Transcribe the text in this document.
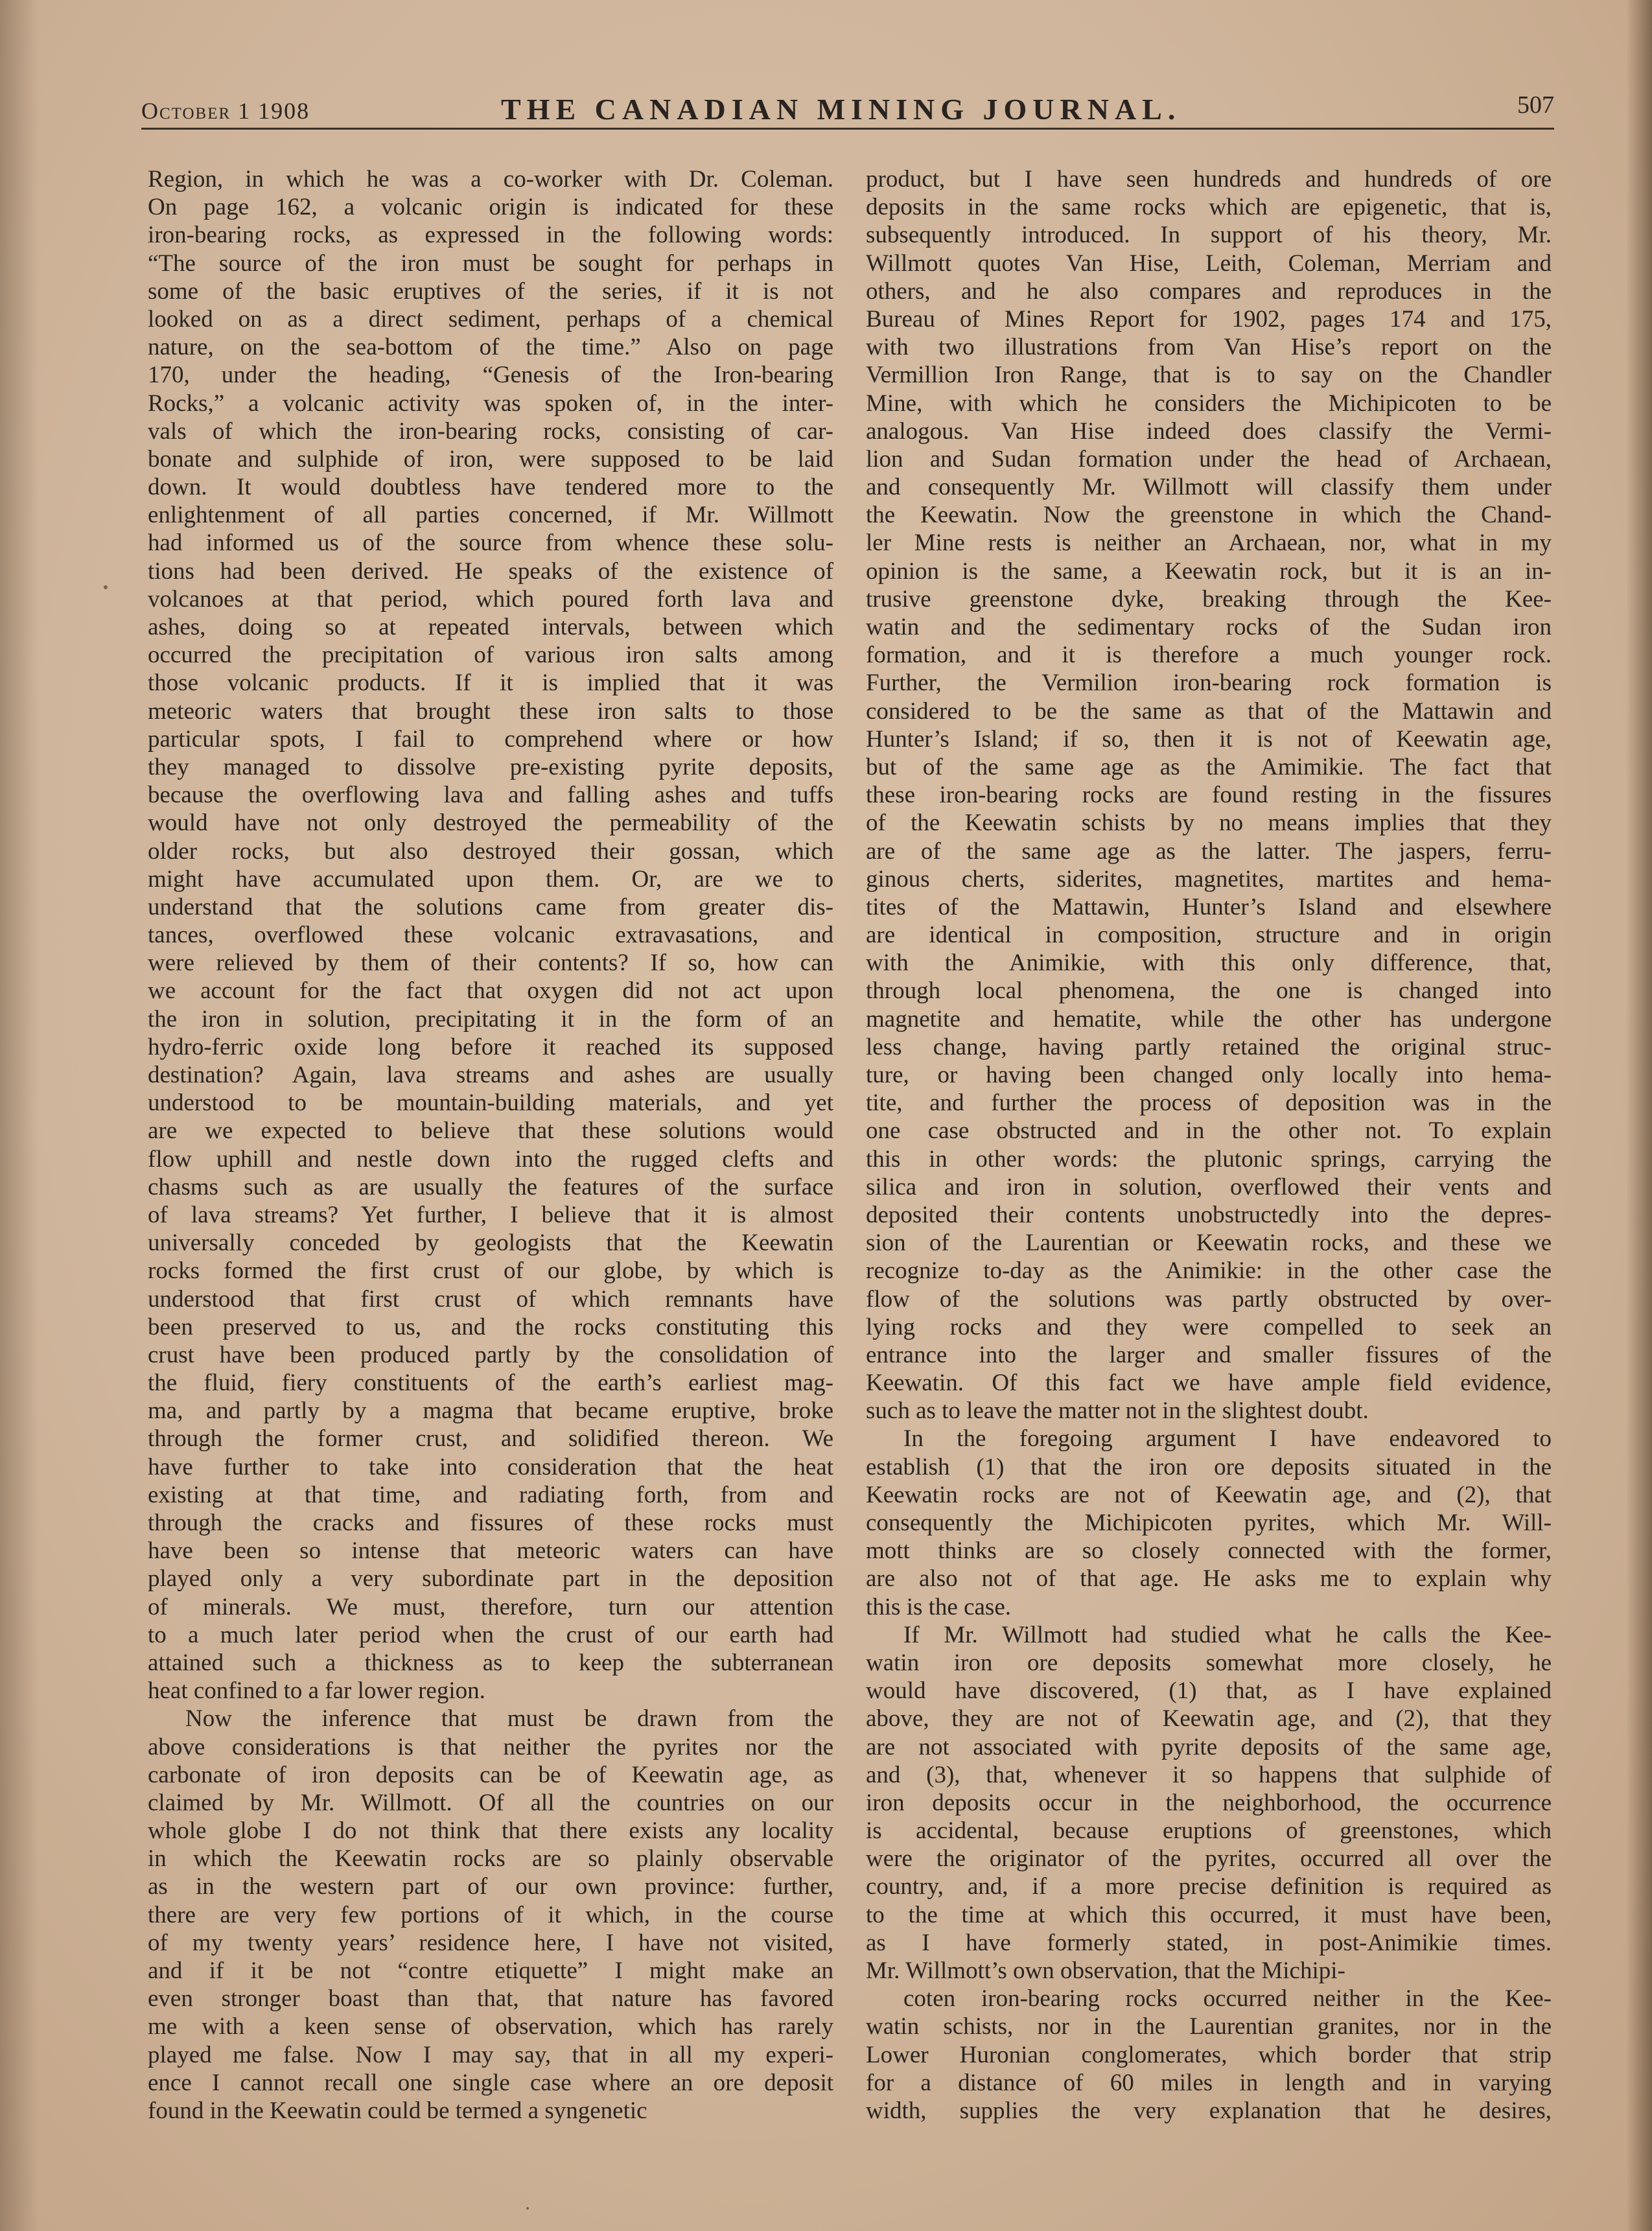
October 1 1908	THE CANADIAN MINING JOURNAL.	507
Region, in which he was a co-worker with Dr. Coleman.
On page 162, a volcanic origin is indicated for these
iron-bearing rocks, as expressed in the following words:
“The source of the iron must be sought for perhaps in
some of the basic eruptives of the series, if it is not
looked on as a direct sediment, perhaps of a chemical
nature, on the sea-bottom of the time.” Also on page
170, under the heading, “Genesis of the Iron-bearing
Rocks,” a volcanic activity was spoken of, in the inter-
vals of which the iron-bearing rocks, consisting of car-
bonate and sulphide of iron, were supposed to be laid
down. It would doubtless have tendered more to the
enlightenment of all parties concerned, if Mr. Willmott
had informed us of the source from whence these solu-
tions had been derived. He speaks of the existence of
volcanoes at that period, which poured forth lava and
ashes, doing so at repeated intervals, between which
occurred the precipitation of various iron salts among
those volcanic products. If it is implied that it was
meteoric waters that brought these iron salts to those
particular spots, I fail to comprehend where or how
they managed to dissolve pre-existing pyrite deposits,
because the overflowing lava and falling ashes and tuffs
would have not only destroyed the permeability of the
older rocks, but also destroyed their gossan, which
might have accumulated upon them. Or, are we to
understand that the solutions came from greater dis-
tances, overflowed these volcanic extravasations, and
were relieved by them of their contents? If so, how can
we account for the fact that oxygen did not act upon
the iron in solution, precipitating it in the form of an
hydro-ferric oxide long before it reached its supposed
destination? Again, lava streams and ashes are usually
understood to be mountain-building materials, and yet
are we expected to believe that these solutions would
flow uphill and nestle down into the rugged clefts and
chasms such as are usually the features of the surface
of lava streams? Yet further, I believe that it is almost
universally conceded by geologists that the Keewatin
rocks formed the first crust of our globe, by which is
understood that first crust of which remnants have
been preserved to us, and the rocks constituting this
crust have been produced partly by the consolidation of
the fluid, fiery constituents of the earth’s earliest mag-
ma, and partly by a magma that became eruptive, broke
through the former crust, and solidified thereon. We
have further to take into consideration that the heat
existing at that time, and radiating forth, from and
through the cracks and fissures of these rocks must
have been so intense that meteoric waters can have
played only a very subordinate part in the deposition
of minerals. We must, therefore, turn our attention
to a much later period when the crust of our earth had
attained such a thickness as to keep the subterranean
heat confined to a far lower region.
Now the inference that must be drawn from the
above considerations is that neither the pyrites nor the
carbonate of iron deposits can be of Keewatin age, as
claimed by Mr. Willmott. Of all the countries on our
whole globe I do not think that there exists any locality
in which the Keewatin rocks are so plainly observable
as in the western part of our own province: further,
there are very few portions of it which, in the course
of my twenty years’ residence here, I have not visited,
and if it be not “contre etiquette” I might make an
even stronger boast than that, that nature has favored
me with a keen sense of observation, which has rarely
played me false. Now I may say, that in all my experi-
ence I cannot recall one single case where an ore deposit
found in the Keewatin could be termed a syngenetic
product, but I have seen hundreds and hundreds of ore
deposits in the same rocks which are epigenetic, that is,
subsequently introduced. In support of his theory, Mr.
Willmott quotes Van Hise, Leith, Coleman, Merriam and
others, and he also compares and reproduces in the
Bureau of Mines Report for 1902, pages 174 and 175,
with two illustrations from Van Hise’s report on the
Vermillion Iron Range, that is to say on the Chandler
Mine, with which he considers the Michipicoten to be
analogous. Van Hise indeed does classify the Vermi-
lion and Sudan formation under the head of Archaean,
and consequently Mr. Willmott will classify them under
the Keewatin. Now the greenstone in which the Chand-
ler Mine rests is neither an Archaean, nor, what in my
opinion is the same, a Keewatin rock, but it is an in-
trusive greenstone dyke, breaking through the Kee-
watin and the sedimentary rocks of the Sudan iron
formation, and it is therefore a much younger rock.
Further, the Vermilion iron-bearing rock formation is
considered to be the same as that of the Mattawin and
Hunter’s Island; if so, then it is not of Keewatin age,
but of the same age as the Amimikie. The fact that
these iron-bearing rocks are found resting in the fissures
of the Keewatin schists by no means implies that they
are of the same age as the latter. The jaspers, ferru-
ginous cherts, siderites, magnetites, martites and hema-
tites of the Mattawin, Hunter’s Island and elsewhere
are identical in composition, structure and in origin
with the Animikie, with this only difference, that,
through local phenomena, the one is changed into
magnetite and hematite, while the other has undergone
less change, having partly retained the original struc-
ture, or having been changed only locally into hema-
tite, and further the process of deposition was in the
one case obstructed and in the other not. To explain
this in other words: the plutonic springs, carrying the
silica and iron in solution, overflowed their vents and
deposited their contents unobstructedly into the depres-
sion of the Laurentian or Keewatin rocks, and these we
recognize to-day as the Animikie: in the other case the
flow of the solutions was partly obstructed by over-
lying rocks and they were compelled to seek an
entrance into the larger and smaller fissures of the
Keewatin. Of this fact we have ample field evidence,
such as to leave the matter not in the slightest doubt.
In the foregoing argument I have endeavored to
establish (1) that the iron ore deposits situated in the
Keewatin rocks are not of Keewatin age, and (2), that
consequently the Michipicoten pyrites, which Mr. Will-
mott thinks are so closely connected with the former,
are also not of that age. He asks me to explain why
this is the case.
If Mr. Willmott had studied what he calls the Kee-
watin iron ore deposits somewhat more closely, he
would have discovered, (1) that, as I have explained
above, they are not of Keewatin age, and (2), that they
are not associated with pyrite deposits of the same age,
and (3), that, whenever it so happens that sulphide of
iron deposits occur in the neighborhood, the occurrence
is accidental, because eruptions of greenstones, which
were the originator of the pyrites, occurred all over the
country, and, if a more precise definition is required as
to the time at which this occurred, it must have been,
as I have formerly stated, in post-Animikie times.
Mr. Willmott’s own observation, that the Michipi-
coten iron-bearing rocks occurred neither in the Kee-
watin schists, nor in the Laurentian granites, nor in the
Lower Huronian conglomerates, which border that strip
for a distance of 60 miles in length and in varying
width, supplies the very explanation that he desires,
